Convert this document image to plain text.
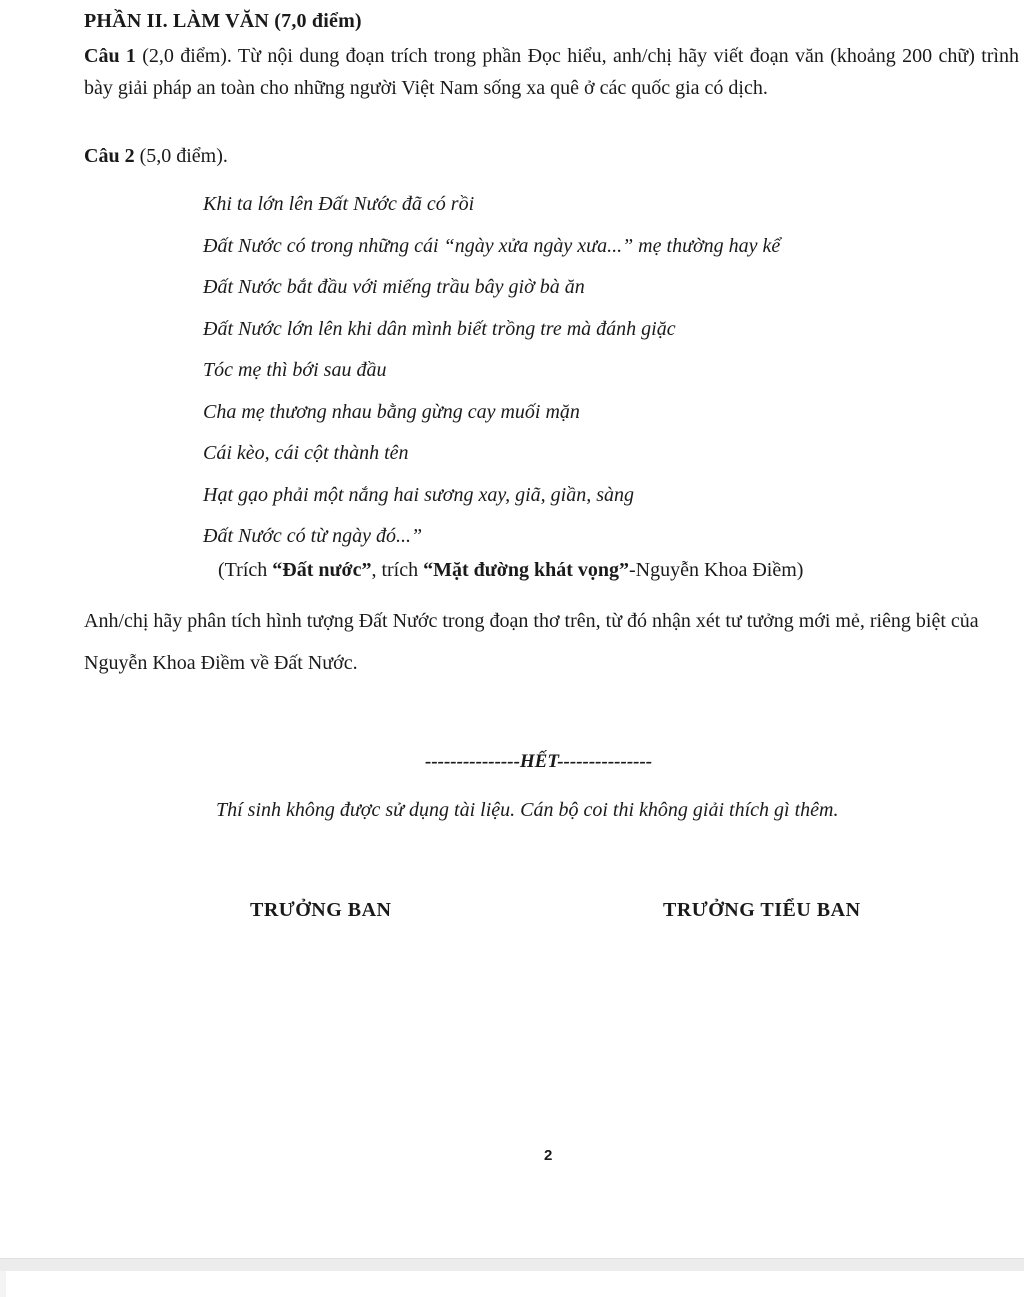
PHẦN II. LÀM VĂN (7,0 điểm)
Câu 1 (2,0 điểm). Từ nội dung đoạn trích trong phần Đọc hiểu, anh/chị hãy viết đoạn văn (khoảng 200 chữ) trình bày giải pháp an toàn cho những người Việt Nam sống xa quê ở các quốc gia có dịch.
Câu 2 (5,0 điểm).
Khi ta lớn lên Đất Nước đã có rồi
Đất Nước có trong những cái “ngày xửa ngày xưa...” mẹ thường hay kể
Đất Nước bắt đầu với miếng trầu bây giờ bà ăn
Đất Nước lớn lên khi dân mình biết trồng tre mà đánh giặc
Tóc mẹ thì bới sau đầu
Cha mẹ thương nhau bằng gừng cay muối mặn
Cái kèo, cái cột thành tên
Hạt gạo phải một nắng hai sương xay, giã, giần, sàng
Đất Nước có từ ngày đó...”
(Trích “Đất nước”, trích “Mặt đường khát vọng”-Nguyễn Khoa Điềm)
Anh/chị hãy phân tích hình tượng Đất Nước trong đoạn thơ trên, từ đó nhận xét tư tưởng mới mẻ, riêng biệt của Nguyễn Khoa Điềm về Đất Nước.
---------------HẾT---------------
Thí sinh không được sử dụng tài liệu. Cán bộ coi thi không giải thích gì thêm.
TRƯỞNG BAN	TRƯỞNG TIỂU BAN
2
